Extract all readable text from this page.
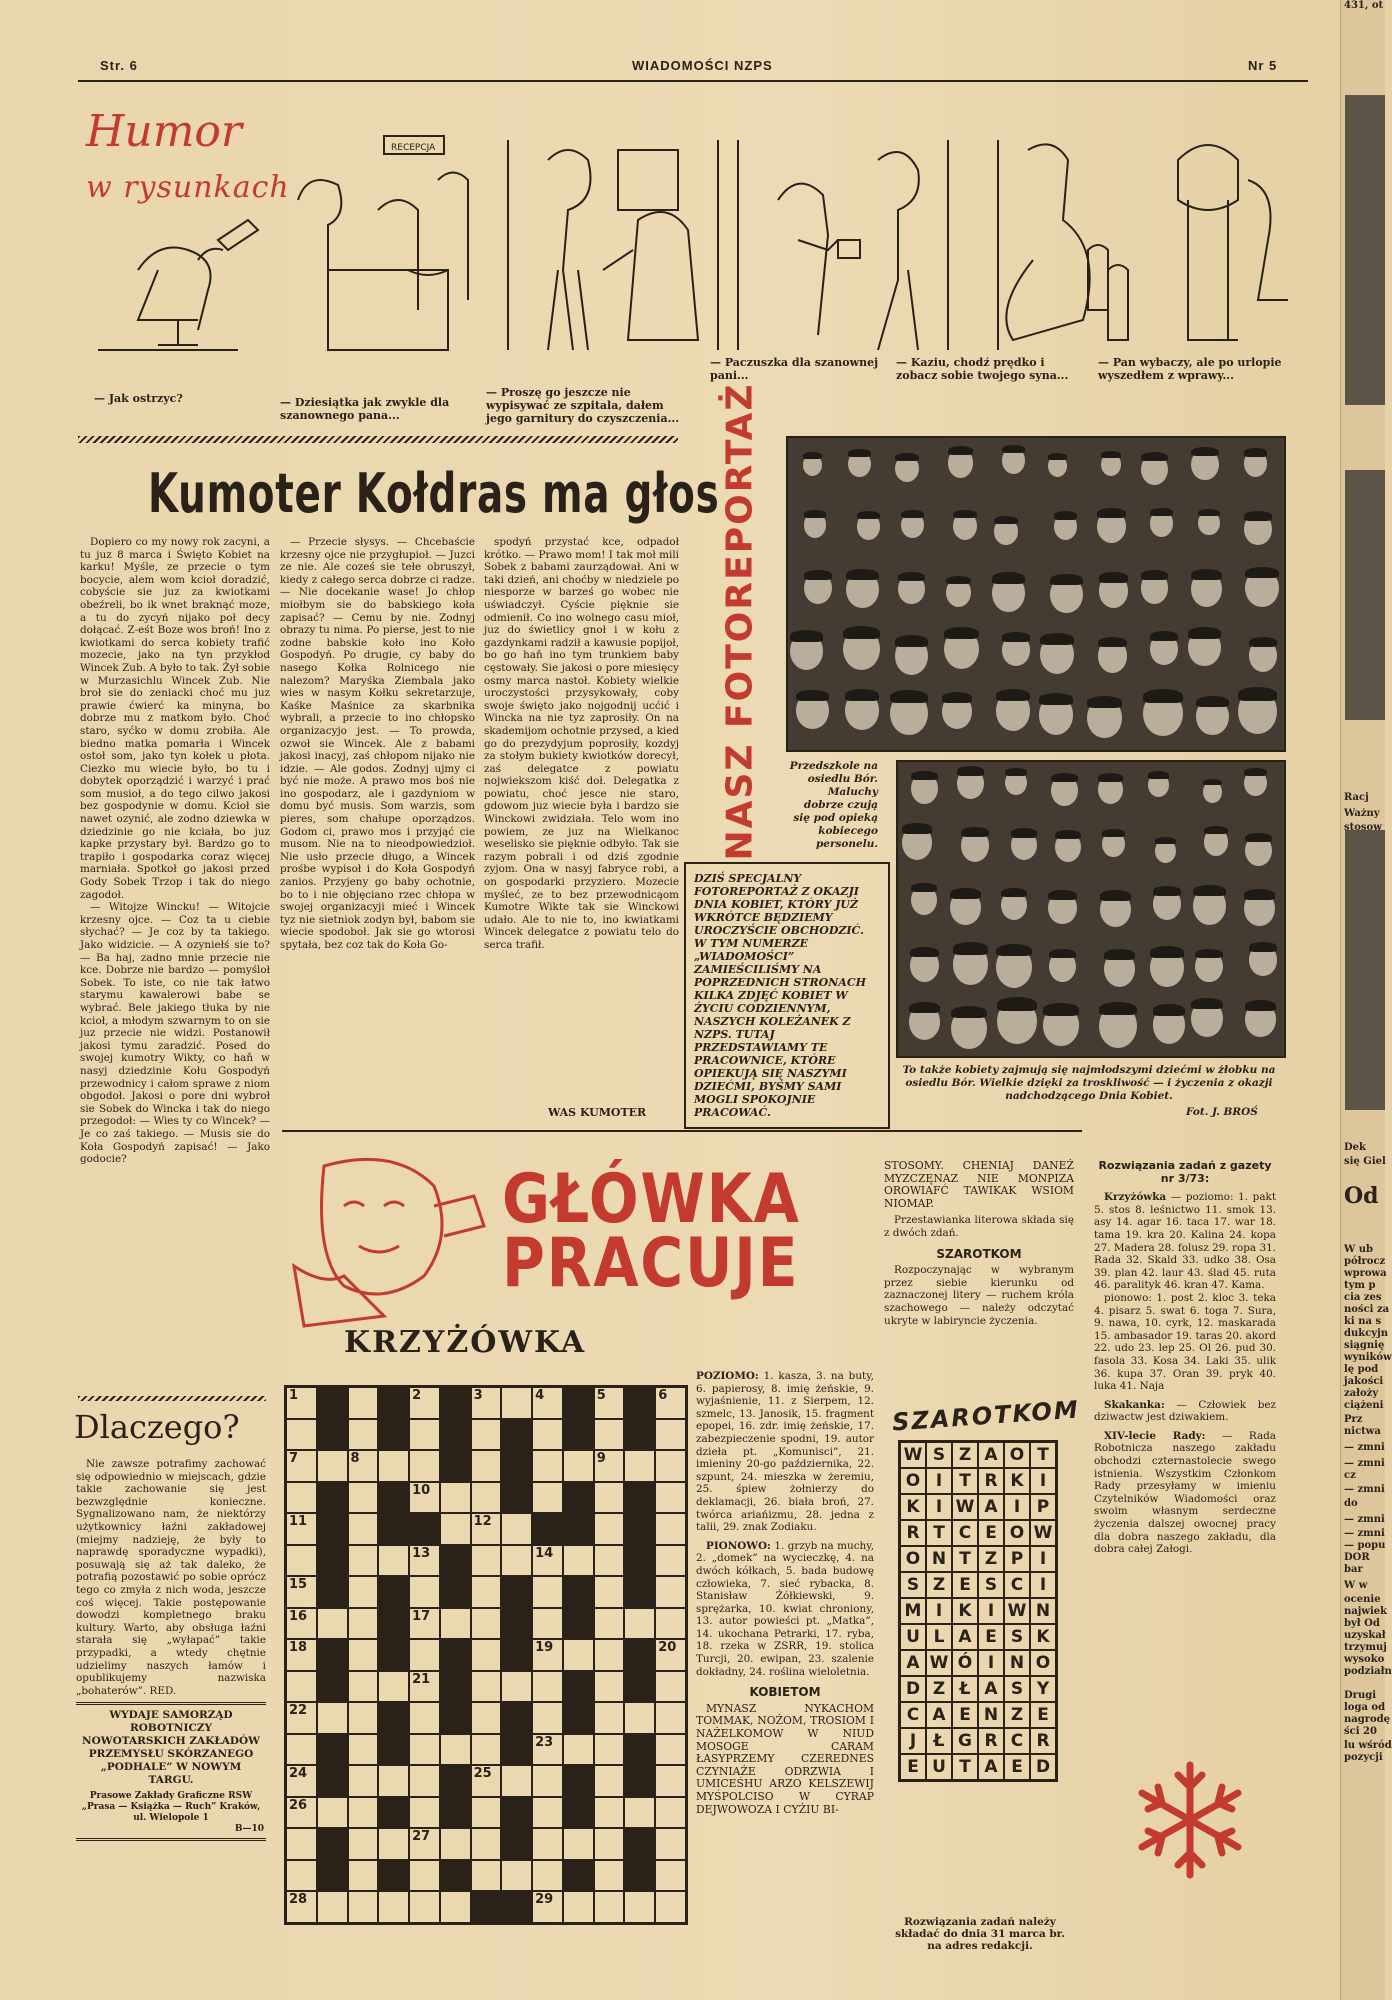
Racj
Ważny
stosow
Dek
się Giel
Od
W ub
półrocz
wprowa
tym p
cia zes
ności za
ki na s
dukcyjn
siągnię
wyników
lę pod
jakości
założy
ciążeni
Prz
nictwa
— zmni
— zmni
cz
— zmni
do
— zmni
— zmni
— popu
DOR
bar
W w
ocenie
najwiek
był Od
uzyskał
trzymuj
wysoko
podziałn
Drugi
loga od
nagrodę
ści 20
lu wśród
pozycji
431, ot
Str. 6	WIADOMOŚCI NZPS	Nr 5
Humor
w rysunkach
RECEPCJA
— Jak ostrzyc?	— Dziesiątka jak zwykle dla szanownego pana...
— Proszę go jeszcze nie wypisywać ze szpitala, dałem jego garnitury do czyszczenia...
— Paczuszka dla szanownej pani...
— Kaziu, chodź prędko i zobacz sobie twojego syna...
— Pan wybaczy, ale po urlopie wyszedłem z wprawy...
Kumoter Kołdras ma głos

Dopiero co my nowy rok zacyni, a tu juz 8 marca i Święto Kobiet na karku! Myśle, ze przecie o tym bocycie, alem wom kcioł doradzić, cobyście sie juz za kwiotkami obeźreli, bo ik wnet braknąć moze, a tu do zycyń nijako poł decy dołącać. Z-eśt Boze wos broń! Ino z kwiotkami do serca kobiety trafić mozecie, jako na tyn przykłod Wincek Zub. A było to tak. Żył sobie w Murzasichlu Wincek Zub. Nie broł sie do zeniacki choć mu juz prawie ćwierć ka minyna, bo dobrze mu z matkom było. Choć staro, syćko w domu zrobiła. Ale biedno matka pomarła i Wincek ostoł som, jako tyn kołek u płota. Ciezko mu wiecie było, bo tu i dobytek oporządzić i warzyć i prać som musioł, a do tego cilwo jakosi bez gospodynie w domu. Kcioł sie nawet ozynić, ale zodno dziewka w dziedzinie go nie kciała, bo juz kapke przystary był. Bardzo go to trapiło i gospodarka coraz więcej marniała. Spotkoł go jakosi przed Gody Sobek Trzop i tak do niego zagodoł.

— Witojze Wincku! — Witojcie krzesny ojce. — Coz ta u ciebie słychać? — Je coz by ta takiego. Jako widzicie. — A ozyniełś sie to? — Ba haj, zadno mnie przecie nie kce. Dobrze nie bardzo — pomyśloł Sobek. To iste, co nie tak łatwo starymu kawalerowi babe se wybrać. Bele jakiego tłuka by nie kcioł, a młodym szwarnym to on sie juz przecie nie widzi. Postanowił jakosi tymu zaradzić. Posed do swojej kumotry Wikty, co haň w nasyj dziedzinie Kołu Gospodyń przewodnicy i całom sprawe z niom obgodoł. Jakosi o pore dni wybroł sie Sobek do Wincka i tak do niego przegodoł: — Wies ty co Wincek? — Je co zaś takiego. — Musis sie do Koła Gospodyń zapisać! — Jako godocie?

— Przecie słysys. — Chcebaście krzesny ojce nie przygłupioł. — Juzci ze nie. Ale coześ sie tełe obruszył, kiedy z całego serca dobrze ci radze. — Nie docekanie wase! Jo chłop miołbym sie do babskiego koła zapisać? — Cemu by nie. Zodnyj obrazy tu nima. Po pierse, jest to nie zodne babskie koło ino Koło Gospodyń. Po drugie, cy baby do nasego Kołka Rolnicego nie nalezom? Maryśka Ziembala jako wies w nasym Kołku sekretarzuje, Kaśke Maśnice za skarbnika wybrali, a przecie to ino chłopsko organizacyjo jest. — To prowda, ozwoł sie Wincek. Ale z babami jakosi inacyj, zaś chłopom nijako nie idzie. — Ale godos. Zodnyj ujmy ci być nie może. A prawo mos boś nie ino gospodarz, ale i gazdyniom w domu być musis. Som warzis, som pieres, som chałupe oporządzos. Godom ci, prawo mos i przyjąć cie musom. Nie na to nieodpowiedzioł. Nie usło przecie długo, a Wincek prośbe wypisoł i do Koła Gospodyń zanios. Przyjeny go baby ochotnie, bo to i nie objęciano rzec chłopa w swojej organizacyji mieć i Wincek tyz nie sietniok zodyn był, babom sie wiecie spodoboł. Jak sie go wtorosi spytała, bez coz tak do Koła Go-

spodyń przystać kce, odpadoł krótko. — Prawo mom! I tak moł mili Sobek z babami zaurządował. Ani w taki dzień, ani choćby w niedziele po niesporze w barześ go wobec nie uświadczył. Cyście pięknie sie odmienił. Co ino wolnego casu mioł, juz do świetlicy gnoł i w kołu z gazdynkami radził a kawusie popijoł, bo go haň ino tym trunkiem baby cęstowały. Sie jakosi o pore miesięcy osmy marca nastoł. Kobiety wielkie uroczystości przysykowały, coby swoje święto jako nojgodnij ucćić i Wincka na nie tyz zaprosiły. On na skademijom ochotnie przysed, a kied go do prezydyjum poprosiły, kozdyj za stołym bukiety kwiotków dorecył, zaś delegatce z powiatu nojwiekszom kiść doł. Delegatka z powiatu, choć jesce nie staro, gdowom juz wiecie była i bardzo sie Winckowi zwidziała. Telo wom ino powiem, ze juz na Wielkanoc weselisko sie pięknie odbyło. Tak sie razym pobrali i od dziś zgodnie zyjom. Ona w nasyj fabryce robi, a on gospodarki przyziero. Mozecie myśleć, ze to bez przewodnicąom Kumotre Wikte tak sie Winckowi udało. Ale to nie to, ino kwiatkami Wincek delegatce z powiatu telo do serca trafił.

WAS KUMOTER
Dlaczego?

Nie zawsze potrafimy zachować się odpowiednio w miejscach, gdzie takie zachowanie się jest bezwzględnie konieczne. Sygnalizowano nam, że niektórzy użytkownicy łaźni zakładowej (miejmy nadzieję, że były to naprawdę sporadyczne wypadki), posuwają się aż tak daleko, że potrafią pozostawić po sobie oprócz tego co zmyła z nich woda, jeszcze coś więcej. Takie postępowanie dowodzi kompletnego braku kultury. Warto, aby obsługa łaźni starała się „wyłapać” takie przypadki, a wtedy chętnie udzielimy naszych łamów i opublikujemy nazwiska „bohaterów”. RED.

WYDAJE SAMORZĄD ROBOTNICZY NOWOTARSKICH ZAKŁADÓW PRZEMYSŁU SKÓRZANEGO „PODHALE” W NOWYM TARGU.
Prasowe Zakłady Graficzne RSW „Prasa — Książka — Ruch” Kraków, ul. Wielopole 1
B—10
NASZ FOTOREPORTAŻ	Przedszkole na osiedlu Bór. Maluchy dobrze czują się pod opieką kobiecego personelu.
DZIŚ SPECJALNY FOTOREPORTAŻ Z OKAZJI DNIA KOBIET, KTÓRY JUŻ WKRÓTCE BĘDZIEMY UROCZYŚCIE OBCHODZIĆ. W TYM NUMERZE „WIADOMOŚCI” ZAMIEŚCILIŚMY NA POPRZEDNICH STRONACH KILKA ZDJĘĆ KOBIET W ŻYCIU CODZIENNYM, NASZYCH KOLEŻANEK Z NZPS. TUTAJ PRZEDSTAWIAMY TE PRACOWNICE, KTÓRE OPIEKUJĄ SIĘ NASZYMI DZIEĆMI, BYŚMY SAMI MOGLI SPOKOJNIE PRACOWAĆ.
To także kobiety zajmują się najmłodszymi dziećmi w żłobku na osiedlu Bór. Wielkie dzięki za troskliwość — i życzenia z okazji nadchodzącego Dnia Kobiet.
Fot. J. BROŚ
GŁÓWKA
PRACUJE
KRZYŻÓWKA
1	2	3	4	5	6
7	8	9
10
11	12
13	14
15
16	17
18	19	20
21
22
23
24	25
26
27
28	29

POZIOMO: 1. kasza, 3. na buty, 6. papierosy, 8. imię żeńskie, 9. wyjaśnienie, 11. z Sierpem, 12. szmelc, 13. Janosik, 15. fragment epopei, 16. zdr. imię żeńskie, 17. zabezpieczenie spodni, 19. autor dzieła pt. „Komunisci”, 21. imieniny 20-go października, 22. szpunt, 24. mieszka w żeremiu, 25. śpiew żołnierzy do deklamacji, 26. biała broń, 27. twórca ariańizmu, 28. jedna z talii, 29. znak Zodiaku.

PIONOWO: 1. grzyb na muchy, 2. „domek” na wycieczkę, 4. na dwóch kółkach, 5. bada budowę człowieka, 7. sieć rybacka, 8. Stanisław Żółkiewski, 9. sprężarka, 10. kwiat chroniony, 13. autor powieści pt. „Matka”, 14. ukochana Petrarki, 17. ryba, 18. rzeka w ZSRR, 19. stolica Turcji, 20. ewipan, 23. szalenie dokładny, 24. roślina wieloletnia.

KOBIETOM

MYNASZ NYKACHOM TOMMAK, NOŻOM, TROSIOM I NAŻELKOMOW W NIUD MOSOGE CARAM ŁASYPRZEMY CZEREDNES CZYNIAŻE ODRZWIA I UMICEŚHU ARZO KELSZEWIJ MYŚPOLCISO W CYRAP DEJWOWOZA I CYŻIU BI-

STOSOMY. CHENIAJ DANEŻ MYZCZĘNAZ NIE MONPIZA OROWIAFĆ TAWIKAK WSIOM NIOMAP.

Przestawianka literowa składa się z dwóch zdań.

SZAROTKOM

Rozpoczynając w wybranym przez siebie kierunku od zaznaczonej litery — ruchem króla szachowego — należy odczytać ukryte w labiryncie życzenia.

SZAROTKOM
W S Z A O T
O I	T R K I
K I W A I P
R T C E O W
O N T Z P I
S Z E S C I
M I K I W N
U L A E S K
A W Ó I N O
D Z Ł A S Y
C A E N Z E
J	Ł G R C R
E U T A E D
Rozwiązania zadań należy składać do dnia 31 marca br. na adres redakcji.
Rozwiązania zadań z gazety nr 3/73:

Krzyżówka — poziomo: 1. pakt 5. stos 8. leśnictwo 11. smok 13. asy 14. agar 16. taca 17. war 18. tama 19. kra 20. Kalina 24. kopa 27. Madera 28. folusz 29. ropa 31. Rada 32. Skald 33. udko 38. Osa 39. plan 42. laur 43. ślad 45. ruta 46. paralityk 46. kran 47. Kama.

pionowo: 1. post 2. kloc 3. teka 4. pisarz 5. swat 6. toga 7. Sura, 9. nawa, 10. cyrk, 12. maskarada 15. ambasador 19. taras 20. akord 22. udo 23. lep 25. Ol 26. pud 30. fasola 33. Kosa 34. Laki 35. ulik 36. kupa 37. Oran 39. pryk 40. luka 41. Naja

Skakanka: — Człowiek bez dziwactw jest dziwakiem.

XIV-lecie Rady: — Rada Robotnicza naszego zakładu obchodzi czternastolecie swego istnienia. Wszystkim Członkom Rady przesyłamy w imieniu Czytelników Wiadomości oraz swoim własnym serdeczne życzenia dalszej owocnej pracy dla dobra naszego zakładu, dla dobra całej Załogi.
